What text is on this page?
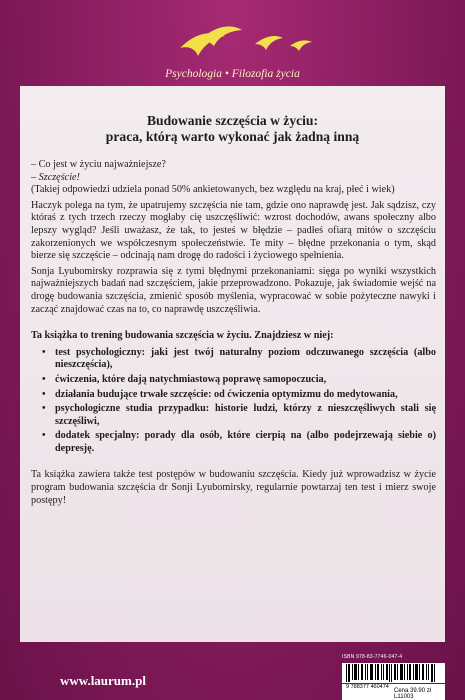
Psychologia • Filozofia życia
Budowanie szczęścia w życiu:
praca, którą warto wykonać jak żadną inną
– Co jest w życiu najważniejsze?
– Szczęście!
(Takiej odpowiedzi udziela ponad 50% ankietowanych, bez względu na kraj, płeć i wiek)

Haczyk polega na tym, że upatrujemy szczęścia nie tam, gdzie ono naprawdę jest. Jak sądzisz, czy któraś z tych trzech rzeczy mogłaby cię uszczęśliwić: wzrost dochodów, awans społeczny albo lepszy wygląd? Jeśli uważasz, że tak, to jesteś w błędzie – padłeś ofiarą mitów o szczęściu zakorzenionych we współczesnym społeczeństwie. Te mity – błędne przekonania o tym, skąd bierze się szczęście – odcinają nam drogę do radości i życiowego spełnienia.

Sonja Lyubomirsky rozprawia się z tymi błędnymi przekonaniami: sięga po wyniki wszystkich najważniejszych badań nad szczęściem, jakie przeprowadzono. Pokazuje, jak świadomie wejść na drogę budowania szczęścia, zmienić sposób myślenia, wypracować w sobie pożyteczne nawyki i zacząć znajdować czas na to, co naprawdę uszczęśliwia.

Ta książka to trening budowania szczęścia w życiu. Znajdziesz w niej:

• test psychologiczny: jaki jest twój naturalny poziom odczuwanego szczęścia (albo nieszczęścia),
• ćwiczenia, które dają natychmiastową poprawę samopoczucia,
• działania budujące trwałe szczęście: od ćwiczenia optymizmu do medytowania,
• psychologiczne studia przypadku: historie ludzi, którzy z nieszczęśliwych stali się szczęśliwi,
• dodatek specjalny: porady dla osób, które cierpią na (albo podejrzewają siebie o) depresję.

Ta książka zawiera także test postępów w budowaniu szczęścia. Kiedy już wprowadzisz w życie program budowania szczęścia dr Sonji Lyubomirsky, regularnie powtarzaj ten test i mierz swoje postępy!

www.laurum.pl
ISBN 978-83-7746-047-4
9 788377 460474
Cena 39.90 zł
L11003
